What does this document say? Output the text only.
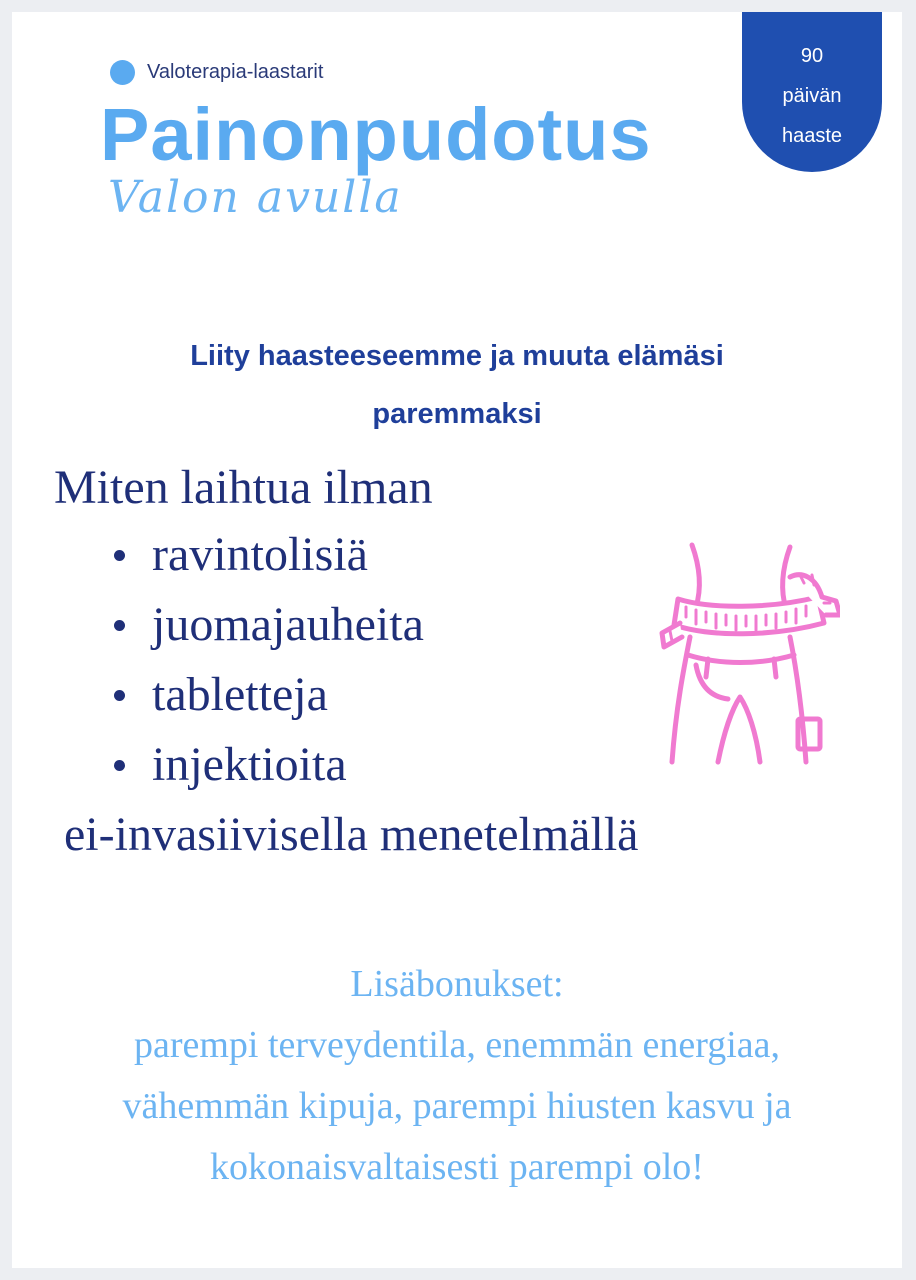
Valoterapia-laastarit
Painonpudotus
Valon avulla
90
päivän
haaste
Liity haasteeseemme ja muuta elämäsi
paremmaksi
Miten laihtua ilman
ravintolisiä
juomajauheita
tabletteja
injektioita
ei-invasiivisella menetelmällä
Lisäbonukset:
parempi terveydentila, enemmän energiaa,
vähemmän kipuja, parempi hiusten kasvu ja
kokonaisvaltaisesti parempi olo!
